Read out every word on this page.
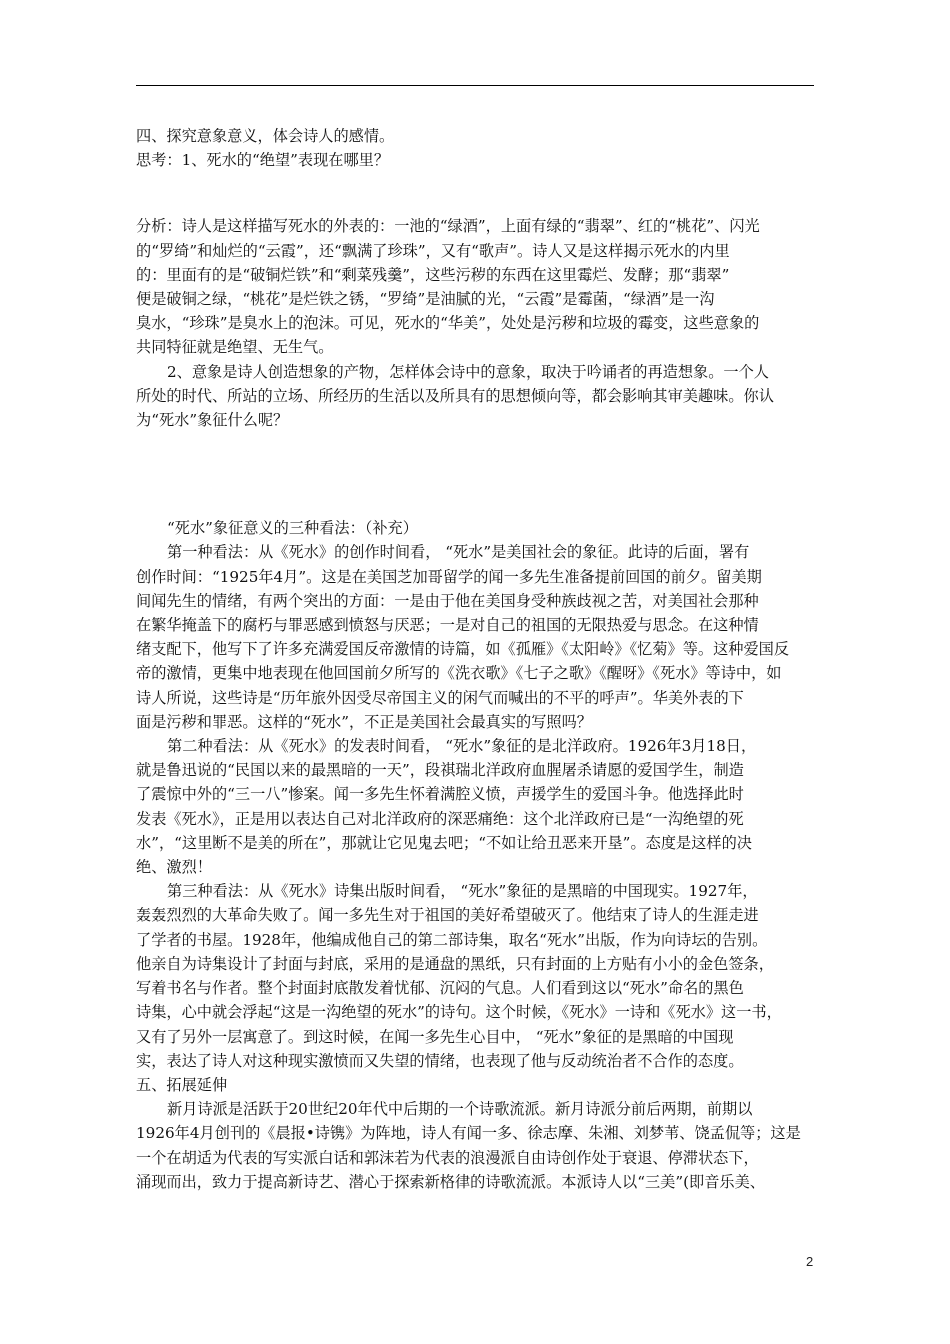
四、探究意象意义，体会诗人的感情。
思考：1、死水的“绝望”表现在哪里？
分析：诗人是这样描写死水的外表的：一池的“绿酒”，上面有绿的“翡翠”、红的“桃花”、闪光
的“罗绮”和灿烂的“云霞”，还“飘满了珍珠”，又有“歌声”。诗人又是这样揭示死水的内里
的：里面有的是“破铜烂铁”和“剩菜残羹”，这些污秽的东西在这里霉烂、发酵；那“翡翠”
便是破铜之绿，“桃花”是烂铁之锈，“罗绮”是油腻的光，“云霞”是霉菌，“绿酒”是一沟
臭水，“珍珠”是臭水上的泡沫。可见，死水的“华美”，处处是污秽和垃圾的霉变，这些意象的
共同特征就是绝望、无生气。
2、意象是诗人创造想象的产物，怎样体会诗中的意象，取决于吟诵者的再造想象。一个人
所处的时代、所站的立场、所经历的生活以及所具有的思想倾向等，都会影响其审美趣味。你认
为“死水”象征什么呢？
“死水”象征意义的三种看法：（补充）
第一种看法：从《死水》的创作时间看， “死水”是美国社会的象征。此诗的后面，署有
创作时间：“1925年4月”。这是在美国芝加哥留学的闻一多先生准备提前回国的前夕。留美期
间闻先生的情绪，有两个突出的方面：一是由于他在美国身受种族歧视之苦，对美国社会那种
在繁华掩盖下的腐朽与罪恶感到愤怒与厌恶；一是对自己的祖国的无限热爱与思念。在这种情
绪支配下，他写下了许多充满爱国反帝激情的诗篇，如《孤雁》《太阳岭》《忆菊》等。这种爱国反
帝的激情，更集中地表现在他回国前夕所写的《洗衣歌》《七子之歌》《醒呀》《死水》等诗中，如
诗人所说，这些诗是“历年旅外因受尽帝国主义的闲气而喊出的不平的呼声”。华美外表的下
面是污秽和罪恶。这样的“死水”，不正是美国社会最真实的写照吗？
第二种看法：从《死水》的发表时间看， “死水”象征的是北洋政府。1926年3月18日，
就是鲁迅说的“民国以来的最黑暗的一天”，段祺瑞北洋政府血腥屠杀请愿的爱国学生，制造
了震惊中外的“三一八”惨案。闻一多先生怀着满腔义愤，声援学生的爱国斗争。他选择此时
发表《死水》，正是用以表达自己对北洋政府的深恶痛绝：这个北洋政府已是“一沟绝望的死
水”，“这里断不是美的所在”，那就让它见鬼去吧；“不如让给丑恶来开垦”。态度是这样的决
绝、激烈！
第三种看法：从《死水》诗集出版时间看， “死水”象征的是黑暗的中国现实。1927年，
轰轰烈烈的大革命失败了。闻一多先生对于祖国的美好希望破灭了。他结束了诗人的生涯走进
了学者的书屋。1928年，他编成他自己的第二部诗集，取名“死水”出版，作为向诗坛的告别。
他亲自为诗集设计了封面与封底，采用的是通盘的黑纸，只有封面的上方贴有小小的金色签条，
写着书名与作者。整个封面封底散发着忧郁、沉闷的气息。人们看到这以“死水”命名的黑色
诗集，心中就会浮起“这是一沟绝望的死水”的诗句。这个时候，《死水》一诗和《死水》这一书，
又有了另外一层寓意了。到这时候，在闻一多先生心目中， “死水”象征的是黑暗的中国现
实，表达了诗人对这种现实激愤而又失望的情绪，也表现了他与反动统治者不合作的态度。
五、拓展延伸
新月诗派是活跃于20世纪20年代中后期的一个诗歌流派。新月诗派分前后两期，前期以
1926年4月创刊的《晨报•诗镌》为阵地，诗人有闻一多、徐志摩、朱湘、刘梦苇、饶孟侃等；这是
一个在胡适为代表的写实派白话和郭沫若为代表的浪漫派自由诗创作处于衰退、停滞状态下，
涌现而出，致力于提高新诗艺、潜心于探索新格律的诗歌流派。本派诗人以“三美”(即音乐美、
2
